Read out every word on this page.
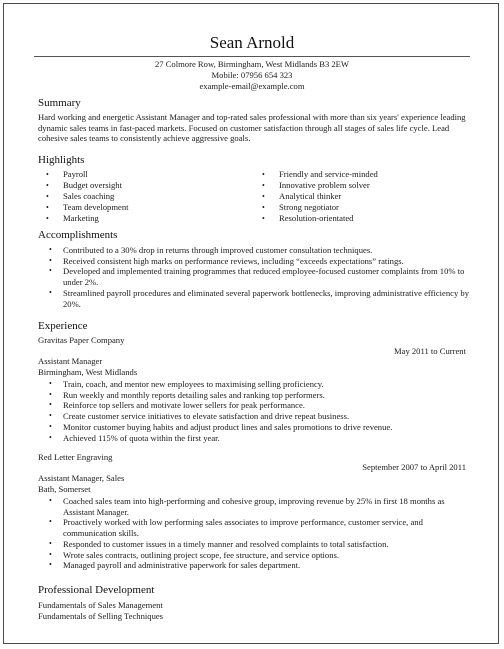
Sean Arnold
27 Colmore Row, Birmingham, West Midlands B3 2EW
Mobile: 07956 654 323
example-email@example.com
Summary
Hard working and energetic Assistant Manager and top-rated sales professional with more than six years' experience leading dynamic sales teams in fast-paced markets. Focused on customer satisfaction through all stages of sales life cycle. Lead cohesive sales teams to consistently achieve aggressive goals.
Highlights
• Payroll
• Budget oversight
• Sales coaching
• Team development
• Marketing
• Friendly and service-minded
• Innovative problem solver
• Analytical thinker
• Strong negotiator
• Resolution-orientated
Accomplishments
• Contributed to a 30% drop in returns through improved customer consultation techniques.
• Received consistent high marks on performance reviews, including “exceeds expectations” ratings.
• Developed and implemented training programmes that reduced employee-focused customer complaints from 10% to under 2%.
• Streamlined payroll procedures and eliminated several paperwork bottlenecks, improving administrative efficiency by 20%.
Experience
Gravitas Paper Company
May 2011 to Current
Assistant Manager
Birmingham, West Midlands
• Train, coach, and mentor new employees to maximising selling proficiency.
• Run weekly and monthly reports detailing sales and ranking top performers.
• Reinforce top sellers and motivate lower sellers for peak performance.
• Create customer service initiatives to elevate satisfaction and drive repeat business.
• Monitor customer buying habits and adjust product lines and sales promotions to drive revenue.
• Achieved 115% of quota within the first year.
Red Letter Engraving
September 2007 to April 2011
Assistant Manager, Sales
Bath, Somerset
• Coached sales team into high-performing and cohesive group, improving revenue by 25% in first 18 months as Assistant Manager.
• Proactively worked with low performing sales associates to improve performance, customer service, and communication skills.
• Responded to customer issues in a timely manner and resolved complaints to total satisfaction.
• Wrote sales contracts, outlining project scope, fee structure, and service options.
• Managed payroll and administrative paperwork for sales department.
Professional Development
Fundamentals of Sales Management
Fundamentals of Selling Techniques
